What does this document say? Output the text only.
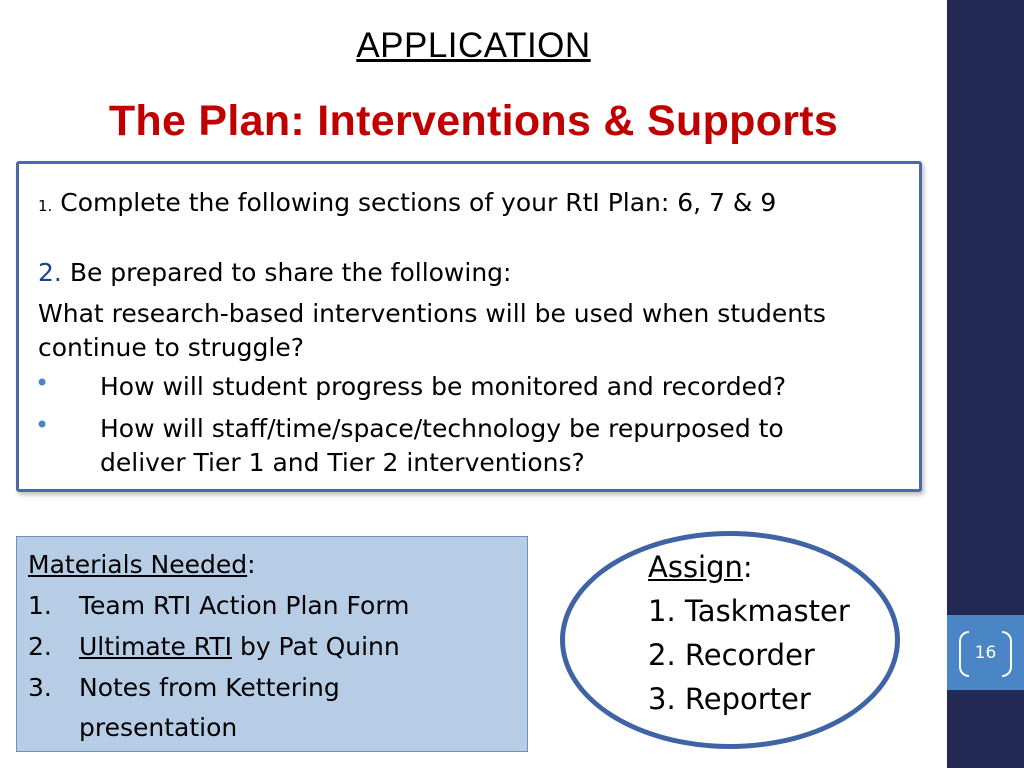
16
APPLICATION
The Plan: Interventions & Supports
1. Complete the following sections of your RtI Plan: 6, 7 & 9
2. Be prepared to share the following:
What research-based interventions will be used when students
continue to struggle?
• How will student progress be monitored and recorded?
• How will staff/time/space/technology be repurposed to
deliver Tier 1 and Tier 2 interventions?
Materials Needed:
1. Team RTI Action Plan Form
2. Ultimate RTI by Pat Quinn
3. Notes from Kettering
presentation
Assign:
1. Taskmaster
2. Recorder
3. Reporter
